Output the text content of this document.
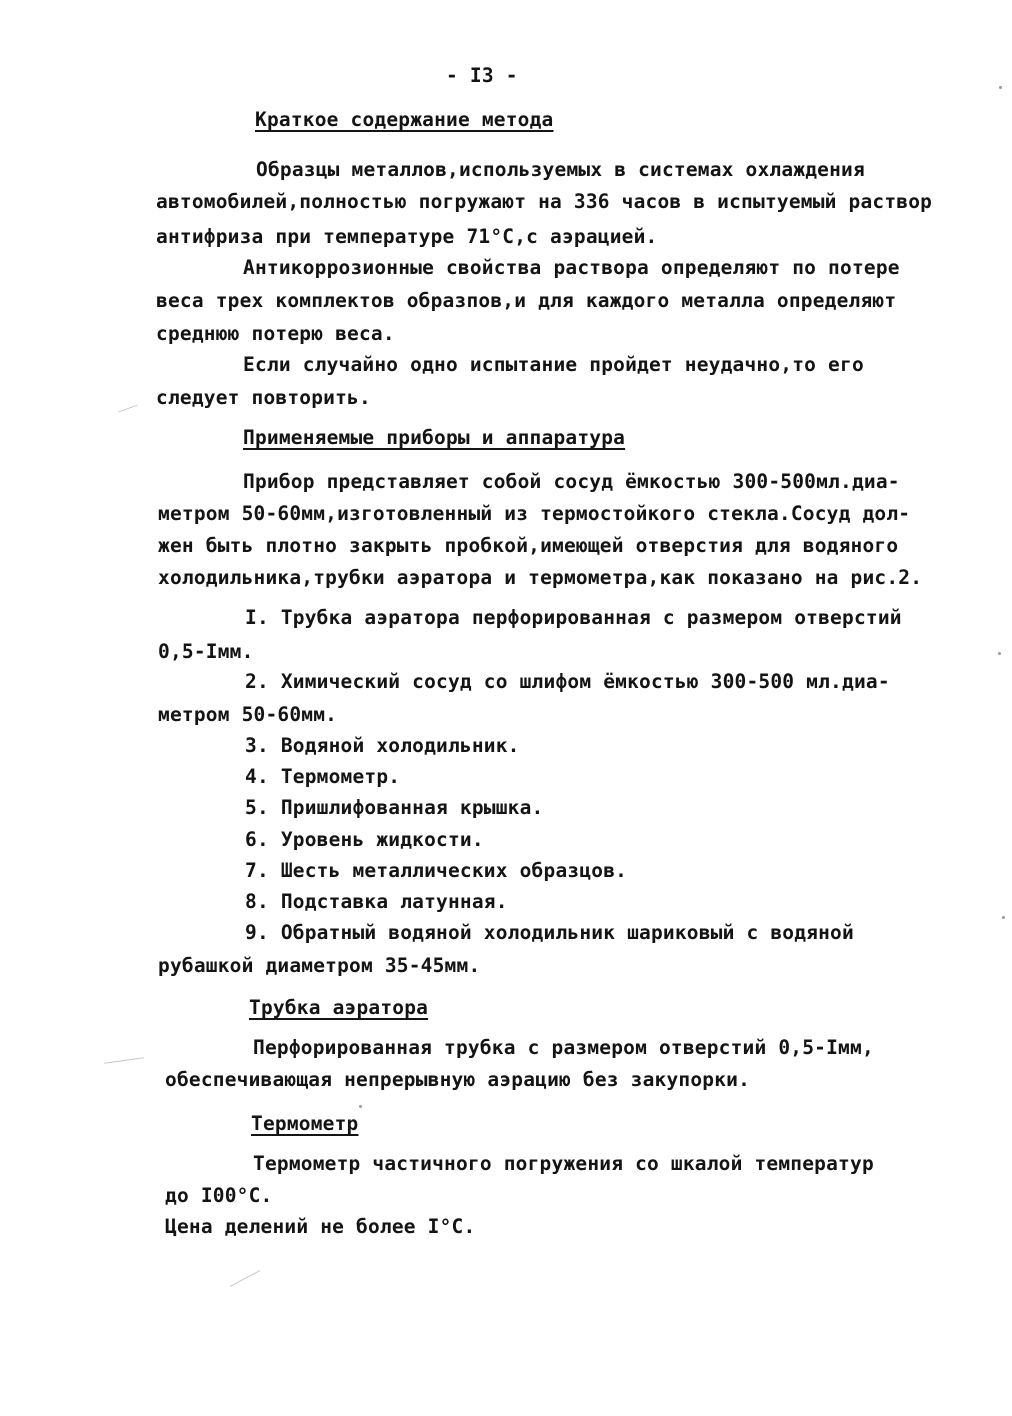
- I3 -
Краткое содержание метода
Образцы металлов,используемых в системах охлаждения
автомобилей,полностью погружают на 336 часов в испытуемый раствор
антифриза при температуре 71°С,с аэрацией.
Антикоррозионные свойства раствора определяют по потере
веса трех комплектов образпов,и для каждого металла определяют
среднюю потерю веса.
Если случайно одно испытание пройдет неудачно,то его
следует повторить.
Применяемые приборы и аппаратура
Прибор представляет собой сосуд ёмкостью 300-500мл.диа-
метром 50-60мм,изготовленный из термостойкого стекла.Сосуд дол-
жен быть плотно закрыть пробкой,имеющей отверстия для водяного
холодильника,трубки аэратора и термометра,как показано на рис.2.
I. Трубка аэратора перфорированная с размером отверстий
0,5-Iмм.
2. Химический сосуд со шлифом ёмкостью 300-500 мл.диа-
метром 50-60мм.
3. Водяной холодильник.
4. Термометр.
5. Пришлифованная крышка.
6. Уровень жидкости.
7. Шесть металлических образцов.
8. Подставка латунная.
9. Обратный водяной холодильник шариковый с водяной
рубашкой диаметром 35-45мм.
Трубка аэратора
Перфорированная трубка с размером отверстий 0,5-Iмм,
обеспечивающая непрерывную аэрацию без закупорки.
Термометр
Термометр частичного погружения со шкалой температур
до I00°С.
Цена делений не более I°С.
